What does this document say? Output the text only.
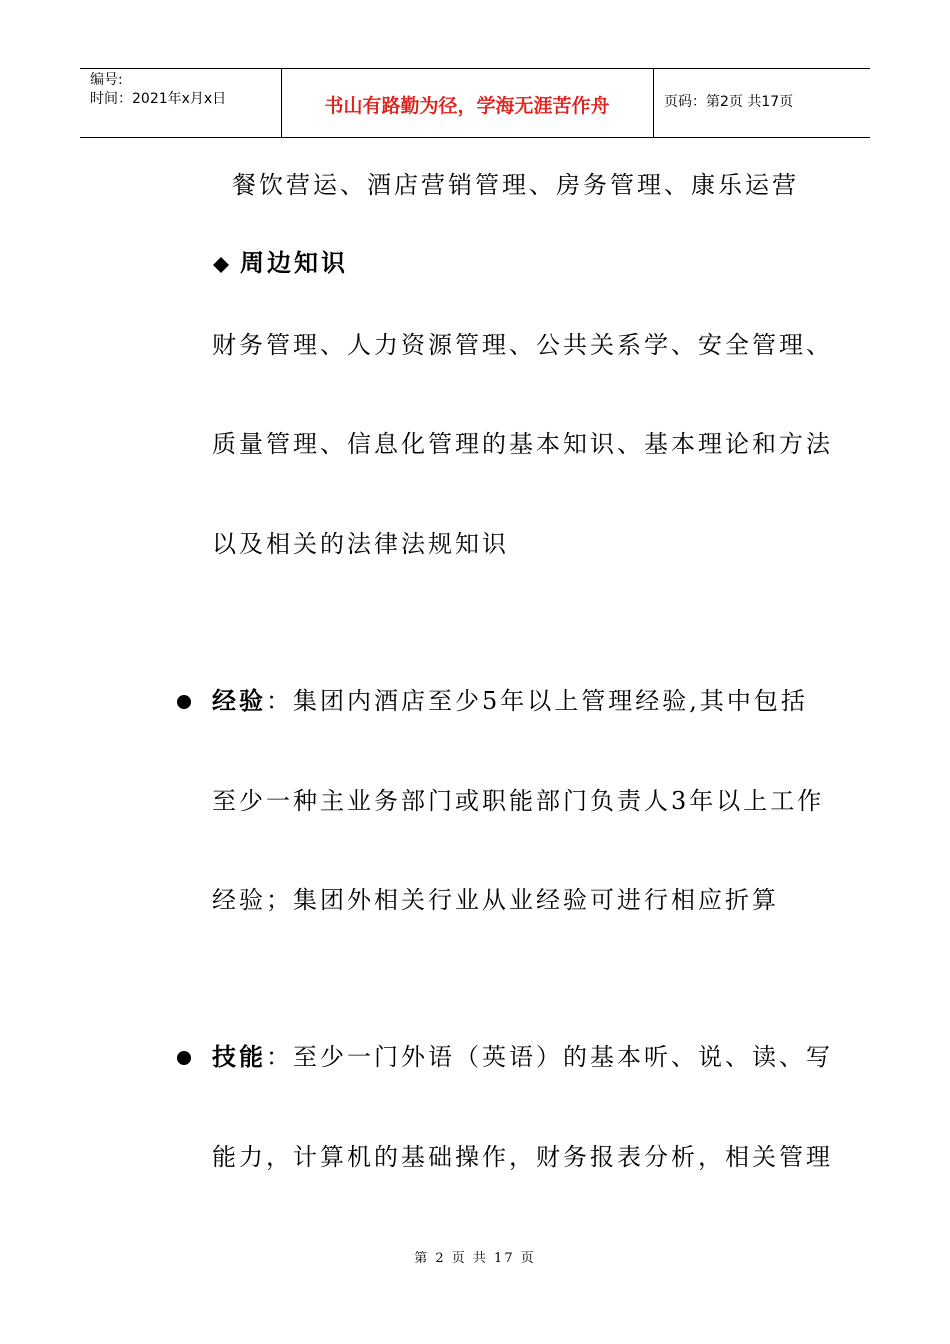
编号:
时间：2021年x月x日	书山有路勤为径，学海无涯苦作舟	页码：第2页 共17页
餐饮营运、酒店营销管理、房务管理、康乐运营
周边知识
财务管理、人力资源管理、公共关系学、安全管理、
质量管理、信息化管理的基本知识、基本理论和方法
以及相关的法律法规知识
经验：集团内酒店至少5年以上管理经验,其中包括
至少一种主业务部门或职能部门负责人3年以上工作
经验；集团外相关行业从业经验可进行相应折算
技能：至少一门外语（英语）的基本听、说、读、写
能力，计算机的基础操作，财务报表分析，相关管理
第 2 页 共 17 页
